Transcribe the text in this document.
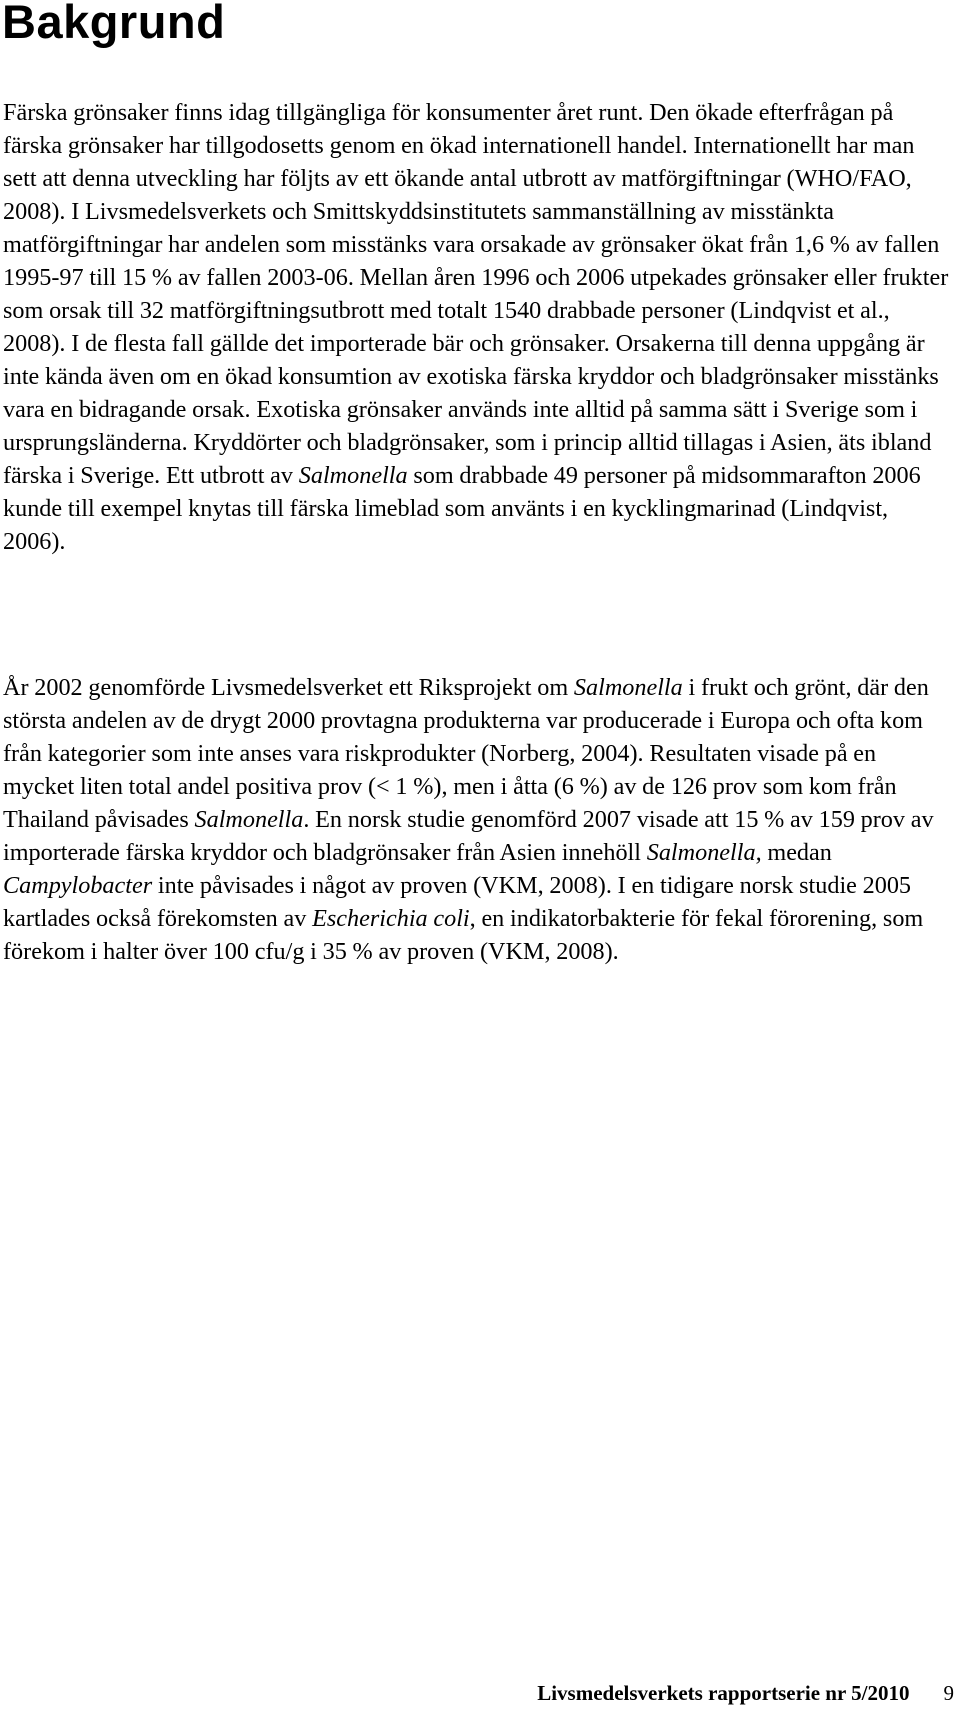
Bakgrund

Färska grönsaker finns idag tillgängliga för konsumenter året runt. Den ökade efterfrågan på färska grönsaker har tillgodosetts genom en ökad internationell handel. Internationellt har man sett att denna utveckling har följts av ett ökande antal utbrott av matförgiftningar (WHO/FAO, 2008). I Livsmedelsverkets och Smittskyddsinstitutets sammanställning av misstänkta matförgiftningar har andelen som misstänks vara orsakade av grönsaker ökat från 1,6 % av fallen 1995-97 till 15 % av fallen 2003-06. Mellan åren 1996 och 2006 utpekades grönsaker eller frukter som orsak till 32 matförgiftningsutbrott med totalt 1540 drabbade personer (Lindqvist et al., 2008). I de flesta fall gällde det importerade bär och grönsaker. Orsakerna till denna uppgång är inte kända även om en ökad konsumtion av exotiska färska kryddor och bladgrönsaker misstänks vara en bidragande orsak. Exotiska grönsaker används inte alltid på samma sätt i Sverige som i ursprungsländerna. Kryddörter och bladgrönsaker, som i princip alltid tillagas i Asien, äts ibland färska i Sverige. Ett utbrott av Salmonella som drabbade 49 personer på midsommarafton 2006 kunde till exempel knytas till färska limeblad som använts i en kycklingmarinad (Lindqvist, 2006).

År 2002 genomförde Livsmedelsverket ett Riksprojekt om Salmonella i frukt och grönt, där den största andelen av de drygt 2000 provtagna produkterna var producerade i Europa och ofta kom från kategorier som inte anses vara riskprodukter (Norberg, 2004). Resultaten visade på en mycket liten total andel positiva prov (< 1 %), men i åtta (6 %) av de 126 prov som kom från Thailand påvisades Salmonella. En norsk studie genomförd 2007 visade att 15 % av 159 prov av importerade färska kryddor och bladgrönsaker från Asien innehöll Salmonella, medan Campylobacter inte påvisades i något av proven (VKM, 2008). I en tidigare norsk studie 2005 kartlades också förekomsten av Escherichia coli, en indikatorbakterie för fekal förorening, som förekom i halter över 100 cfu/g i 35 % av proven (VKM, 2008).

Livsmedelsverkets rapportserie nr 5/2010 9
